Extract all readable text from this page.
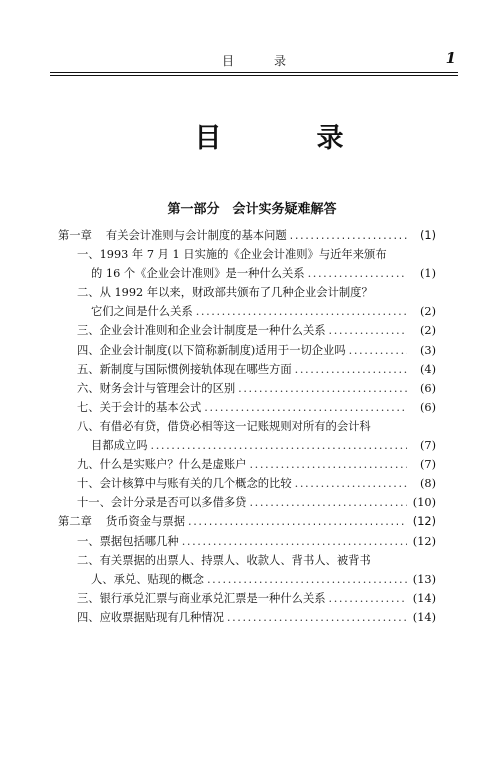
目　录	1
目　录
第一部分　会计实务疑难解答
第一章 有关会计准则与会计制度的基本问题 .....	(1)
一、1993 年 7 月 1 日实施的《企业会计准则》与近年来颁布
的 16 个《企业会计准则》是一种什么关系 .....	(1)
二、从 1992 年以来，财政部共颁布了几种企业会计制度？
它们之间是什么关系 .....	(2)
三、企业会计准则和企业会计制度是一种什么关系 .....	(2)
四、企业会计制度(以下简称新制度)适用于一切企业吗 .....	(3)
五、新制度与国际惯例接轨体现在哪些方面 .....	(4)
六、财务会计与管理会计的区别 .....	(6)
七、关于会计的基本公式 .....	(6)
八、有借必有贷，借贷必相等这一记账规则对所有的会计科
目都成立吗 .....	(7)
九、什么是实账户？什么是虚账户 .....	(7)
十、会计核算中与账有关的几个概念的比较 .....	(8)
十一、会计分录是否可以多借多贷 .....	(10)
第二章 货币资金与票据 .....	(12)
一、票据包括哪几种 .....	(12)
二、有关票据的出票人、持票人、收款人、背书人、被背书
人、承兑、贴现的概念 .....	(13)
三、银行承兑汇票与商业承兑汇票是一种什么关系 .....	(14)
四、应收票据贴现有几种情况 .....	(14)
